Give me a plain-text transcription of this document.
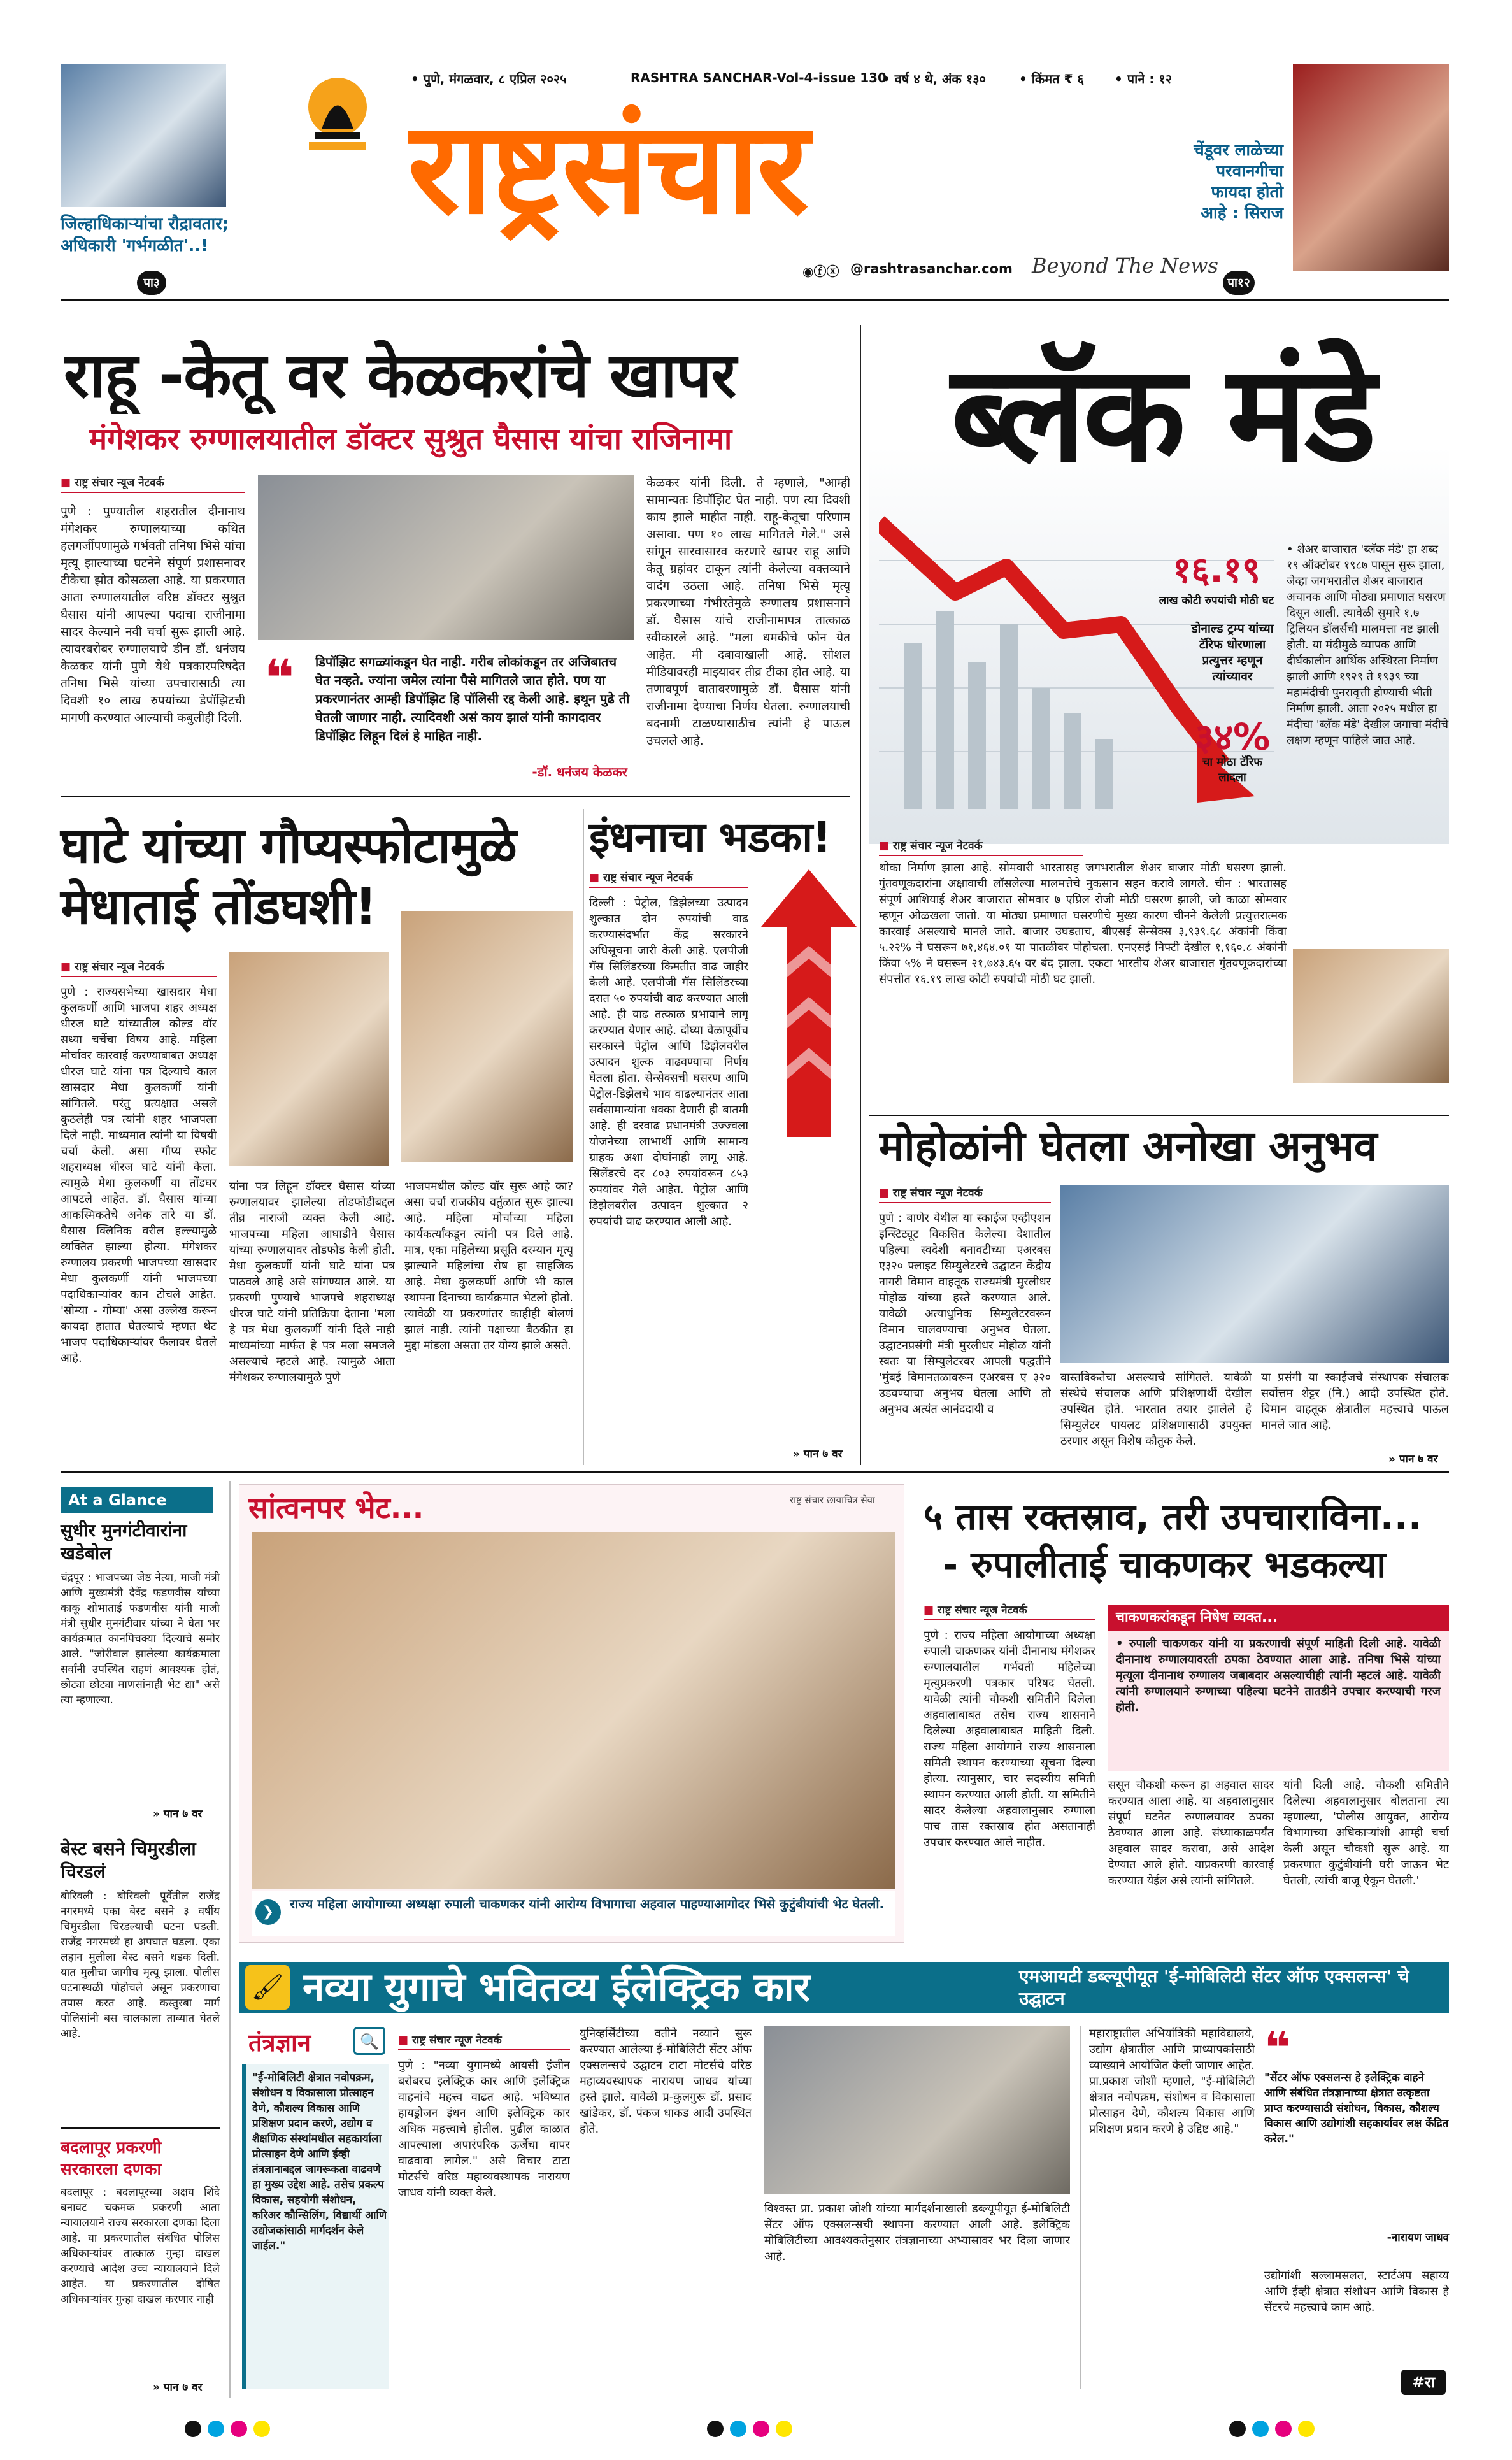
जिल्हाधिकाऱ्यांचा रौद्रावतार; अधिकारी 'गर्भगळीत'..!
पा३
• पुणे, मंगळवार, ८ एप्रिल २०२५	RASHTRA SANCHAR-Vol-4-issue 130
• वर्ष ४ थे, अंक १३०	• किंमत ₹ ६ • पाने : १२
राष्ट्रसंचार
◉ⓕⓧ @rashtrasanchar.com Beyond The News
चेंडूवर लाळेच्या परवानगीचा फायदा होतो आहे : सिराज
पा१२
राहू -केतू वर केळकरांचे खापर
मंगेशकर रुग्णालयातील डॉक्टर सुश्रुत घैसास यांचा राजिनामा
■ राष्ट्र संचार न्यूज नेटवर्क
पुणे : पुण्यातील शहरातील दीनानाथ मंगेशकर रुग्णालयाच्या कथित हलगर्जीपणामुळे गर्भवती तनिषा भिसे यांचा मृत्यू झाल्याच्या घटनेने संपूर्ण प्रशासनावर टीकेचा झोत कोसळला आहे. या प्रकरणात आता रुग्णालयातील वरिष्ठ डॉक्टर सुश्रुत घैसास यांनी आपल्या पदाचा राजीनामा सादर केल्याने नवी चर्चा सुरू झाली आहे. त्यावरबरोबर रुग्णालयाचे डीन डॉ. धनंजय केळकर यांनी पुणे येथे पत्रकारपरिषदेत तनिषा भिसे यांच्या उपचारासाठी त्या दिवशी १० लाख रुपयांच्या डेपॉझिटची मागणी करण्यात आल्याची कबुलीही दिली.
❝ डिपॉझिट सगळ्यांकडून घेत नाही. गरीब लोकांकडून तर अजिबातच घेत नव्हते. ज्यांना जमेल त्यांना पैसे मागितले जात होते. पण या प्रकरणानंतर आम्ही डिपॉझिट हि पॉलिसी रद्द केली आहे. इथून पुढे ती घेतली जाणार नाही. त्यादिवशी असं काय झालं यांनी कागदावर डिपॉझिट लिहून दिलं हे माहित नाही.
-डॉ. धनंजय केळकर
केळकर यांनी दिली. ते म्हणाले, "आम्ही सामान्यतः डिपॉझिट घेत नाही. पण त्या दिवशी काय झाले माहीत नाही. राहू-केतूचा परिणाम असावा. पण १० लाख मागितले गेले." असे सांगून सारवासारव करणारे खापर राहू आणि केतू ग्रहांवर टाकून त्यांनी केलेल्या वक्तव्याने वादंग उठला आहे. तनिषा भिसे मृत्यू प्रकरणाच्या गंभीरतेमुळे रुग्णालय प्रशासनाने डॉ. घैसास यांचे राजीनामापत्र तात्काळ स्वीकारले आहे. "मला धमकीचे फोन येत आहेत. मी दबावाखाली आहे. सोशल मीडियावरही माझ्यावर तीव्र टीका होत आहे. या तणावपूर्ण वातावरणामुळे डॉ. घैसास यांनी राजीनामा देण्याचा निर्णय घेतला. रुग्णालयाची बदनामी टाळण्यासाठीच त्यांनी हे पाऊल उचलले आहे.
ब्लॅक मंडे
१६.१९
लाख कोटी रुपयांची मोठी घट
डोनाल्ड ट्रम्प यांच्या टॅरिफ धोरणाला प्रत्युत्तर म्हणून त्यांच्यावर
३४%
चा मोठा टॅरिफ लादला
• शेअर बाजारात 'ब्लॅक मंडे' हा शब्द १९ ऑक्टोबर १९८७ पासून सुरू झाला, जेव्हा जगभरातील शेअर बाजारात अचानक आणि मोठ्या प्रमाणात घसरण दिसून आली. त्यावेळी सुमारे १.७ ट्रिलियन डॉलर्सची मालमत्ता नष्ट झाली होती. या मंदीमुळे व्यापक आणि दीर्घकालीन आर्थिक अस्थिरता निर्माण झाली आणि १९२९ ते १९३९ च्या महामंदीची पुनरावृत्ती होण्याची भीती निर्माण झाली. आता २०२५ मधील हा मंदीचा 'ब्लॅक मंडे' देखील जगाचा मंदीचे लक्षण म्हणून पाहिले जात आहे.
■ राष्ट्र संचार न्यूज नेटवर्क
थोका निर्माण झाला आहे. सोमवारी भारतासह जगभरातील शेअर बाजार मोठी घसरण झाली. गुंतवणूकदारांना अक्षावाची लॉसलेल्या मालमत्तेचे नुकसान सहन करावे लागले. चीन : भारतासह संपूर्ण आशियाई शेअर बाजारात सोमवार ७ एप्रिल रोजी मोठी घसरण झाली, जो काळा सोमवार म्हणून ओळखला जातो. या मोठ्या प्रमाणात घसरणीचे मुख्य कारण चीनने केलेली प्रत्युत्तरात्मक कारवाई असल्याचे मानले जाते. बाजार उघडताच, बीएसई सेन्सेक्स ३,९३९.६८ अंकांनी किंवा ५.२२% ने घसरून ७१,४६४.०१ या पातळीवर पोहोचला. एनएसई निफ्टी देखील १,१६०.८ अंकांनी किंवा ५% ने घसरून २१,७४३.६५ वर बंद झाला. एकटा भारतीय शेअर बाजारात गुंतवणूकदारांच्या संपत्तीत १६.१९ लाख कोटी रुपयांची मोठी घट झाली.
घाटे यांच्या गौप्यस्फोटामुळे मेधाताई तोंडघशी!
■ राष्ट्र संचार न्यूज नेटवर्क
पुणे : राज्यसभेच्या खासदार मेधा कुलकर्णी आणि भाजपा शहर अध्यक्ष धीरज घाटे यांच्यातील कोल्ड वॉर सध्या चर्चेचा विषय आहे. महिला मोर्चावर कारवाई करण्याबाबत अध्यक्ष धीरज घाटे यांना पत्र दिल्याचे काल खासदार मेधा कुलकर्णी यांनी सांगितले. परंतु प्रत्यक्षात असले कुठलेही पत्र त्यांनी शहर भाजपला दिले नाही. माध्यमात त्यांनी या विषयी चर्चा केली. असा गौप्य स्फोट शहराध्यक्ष धीरज घाटे यांनी केला. त्यामुळे मेधा कुलकर्णी या तोंडघर आपटले आहेत. डॉ. घैसास यांच्या आकस्मिकतेचे अनेक तारे या डॉ. घैसास क्लिनिक वरील हल्ल्यामुळे व्यक्तित झाल्या होत्या. मंगेशकर रुग्णालय प्रकरणी भाजपच्या खासदार मेधा कुलकर्णी यांनी भाजपच्या पदाधिकाऱ्यांवर कान टोचले आहेत. 'सोम्या - गोम्या' असा उल्लेख करून कायदा हातात घेतल्याचे म्हणत थेट भाजप पदाधिकाऱ्यांवर फैलावर घेतले आहे.
यांना पत्र लिहून डॉक्टर घैसास यांच्या रुग्णालयावर झालेल्या तोडफोडीबद्दल तीव्र नाराजी व्यक्त केली आहे. भाजपच्या महिला आघाडीने घैसास यांच्या रुग्णालयावर तोडफोड केली होती. मेधा कुलकर्णी यांनी घाटे यांना पत्र पाठवले आहे असे सांगण्यात आले. या प्रकरणी पुण्याचे भाजपचे शहराध्यक्ष धीरज घाटे यांनी प्रतिक्रिया देताना 'मला हे पत्र मेधा कुलकर्णी यांनी दिले नाही माध्यमांच्या मार्फत हे पत्र मला समजले असल्याचे म्हटले आहे. त्यामुळे आता मंगेशकर रुग्णालयामुळे पुणे
भाजपमधील कोल्ड वॉर सुरू आहे का? असा चर्चा राजकीय वर्तुळात सुरू झाल्या आहे. महिला मोर्चाच्या महिला कार्यकर्त्यांकडून त्यांनी पत्र दिले आहे. मात्र, एका महिलेच्या प्रसूति दरम्यान मृत्यू झाल्याने महिलांचा रोष हा साहजिक आहे. मेधा कुलकर्णी आणि भी काल स्थापना दिनाच्या कार्यक्रमात भेटलो होतो. त्यावेळी या प्रकरणांतर काहीही बोलणं झालं नाही. त्यांनी पक्षाच्या बैठकीत हा मुद्दा मांडला असता तर योग्य झाले असते.
इंधनाचा भडका!
■ राष्ट्र संचार न्यूज नेटवर्क
दिल्ली : पेट्रोल, डिझेलच्या उत्पादन शुल्कात दोन रुपयांची वाढ करण्यासंदर्भात केंद्र सरकारने अधिसूचना जारी केली आहे. एलपीजी गॅस सिलिंडरच्या किमतीत वाढ जाहीर केली आहे. एलपीजी गॅस सिलिंडरच्या दरात ५० रुपयांची वाढ करण्यात आली आहे. ही वाढ तत्काळ प्रभावाने लागू करण्यात येणार आहे. दोघ्या वेळापूर्वीच सरकारने पेट्रोल आणि डिझेलवरील उत्पादन शुल्क वाढवण्याचा निर्णय घेतला होता. सेन्सेक्सची घसरण आणि पेट्रोल-डिझेलचे भाव वाढल्यानंतर आता सर्वसामान्यांना धक्का देणारी ही बातमी आहे. ही दरवाढ प्रधानमंत्री उज्ज्वला योजनेच्या लाभार्थी आणि सामान्य ग्राहक अशा दोघांनाही लागू आहे. सिलेंडरचे दर ८०३ रुपयांवरून ८५३ रुपयांवर गेले आहेत. पेट्रोल आणि डिझेलवरील उत्पादन शुल्कात २ रुपयांची वाढ करण्यात आली आहे.
» पान ७ वर
मोहोळांनी घेतला अनोखा अनुभव
■ राष्ट्र संचार न्यूज नेटवर्क
पुणे : बाणेर येथील या स्काईज एव्हीएशन इन्स्टिट्यूट विकसित केलेल्या देशातील पहिल्या स्वदेशी बनावटीच्या एअरबस ए३२० फ्लाइट सिम्युलेटरचे उद्घाटन केंद्रीय नागरी विमान वाहतूक राज्यमंत्री मुरलीधर मोहोळ यांच्या हस्ते करण्यात आले. यावेळी अत्याधुनिक सिम्युलेटरवरून विमान चालवण्याचा अनुभव घेतला. उद्घाटनप्रसंगी मंत्री मुरलीधर मोहोळ यांनी स्वतः या सिम्युलेटरवर आपली पद्धतीने 'मुंबई विमानतळावरून एअरबस ए ३२० उडवण्याचा अनुभव घेतला आणि तो अनुभव अत्यंत आनंददायी व
वास्तविकतेचा असल्याचे सांगितले. यावेळी संस्थेचे संचालक आणि प्रशिक्षणार्थी देखील उपस्थित होते. भारतात तयार झालेले हे सिम्युलेटर पायलट प्रशिक्षणासाठी उपयुक्त ठरणार असून विशेष कौतुक केले.
या प्रसंगी या स्काईजचे संस्थापक संचालक सर्वोत्तम शेट्टर (नि.) आदी उपस्थित होते. विमान वाहतूक क्षेत्रातील महत्त्वाचे पाऊल मानले जात आहे.
» पान ७ वर
At a Glance
सुधीर मुनगंटीवारांना खडेबोल
चंद्रपूर : भाजपच्या जेष्ठ नेत्या, माजी मंत्री आणि मुख्यमंत्री देवेंद्र फडणवीस यांच्या काकू शोभाताई फडणवीस यांनी माजी मंत्री सुधीर मुनगंटीवार यांच्या ने घेता भर कार्यक्रमात कानपिचक्या दिल्याचे समोर आले. "जोरीवाल झालेल्या कार्यक्रमाला सर्वांनी उपस्थित राहणं आवश्यक होतं, छोट्या छोट्या माणसांनाही भेट द्या" असे त्या म्हणाल्या.
» पान ७ वर
बेस्ट बसने चिमुरडीला चिरडलं
बोरिवली : बोरिवली पूर्वेतील राजेंद्र नगरमध्ये एका बेस्ट बसने ३ वर्षीय चिमुरडीला चिरडल्याची घटना घडली. राजेंद्र नगरमध्ये हा अपघात घडला. एका लहान मुलीला बेस्ट बसने धडक दिली. यात मुलीचा जागीच मृत्यू झाला. पोलीस घटनास्थळी पोहोचले असून प्रकरणाचा तपास करत आहे. कस्तुरबा मार्ग पोलिसांनी बस चालकाला ताब्यात घेतले आहे.
बदलापूर प्रकरणी सरकारला दणका
बदलापूर : बदलापूरच्या अक्षय शिंदे बनावट चकमक प्रकरणी आता न्यायालयाने राज्य सरकारला दणका दिला आहे. या प्रकरणातील संबंधित पोलिस अधिकाऱ्यांवर तात्काळ गुन्हा दाखल करण्याचे आदेश उच्च न्यायालयाने दिले आहेत. या प्रकरणातील दोषित अधिकाऱ्यांवर गुन्हा दाखल करणार नाही
» पान ७ वर
सांत्वनपर भेट...	राष्ट्र संचार छायाचित्र सेवा
❯	राज्य महिला आयोगाच्या अध्यक्षा रुपाली चाकणकर यांनी आरोग्य विभागाचा अहवाल पाहण्याआगोदर भिसे कुटुंबीयांची भेट घेतली.
५ तास रक्तस्राव, तरी उपचाराविना...
- रुपालीताई चाकणकर भडकल्या
■ राष्ट्र संचार न्यूज नेटवर्क
पुणे : राज्य महिला आयोगाच्या अध्यक्षा रुपाली चाकणकर यांनी दीनानाथ मंगेशकर रुग्णालयातील गर्भवती महिलेच्या मृत्युप्रकरणी पत्रकार परिषद घेतली. यावेळी त्यांनी चौकशी समितीने दिलेला अहवालाबाबत तसेच राज्य शासनाने दिलेल्या अहवालाबाबत माहिती दिली. राज्य महिला आयोगाने राज्य शासनाला समिती स्थापन करण्याच्या सूचना दिल्या होत्या. त्यानुसार, चार सदस्यीय समिती स्थापन करण्यात आली होती. या समितीने सादर केलेल्या अहवालानुसार रुग्णाला पाच तास रक्तस्राव होत असतानाही उपचार करण्यात आले नाहीत.
चाकणकरांकडून निषेध व्यक्त...
• रुपाली चाकणकर यांनी या प्रकरणाची संपूर्ण माहिती दिली आहे. यावेळी दीनानाथ रुग्णालयावरती ठपका ठेवण्यात आला आहे. तनिषा भिसे यांच्या मृत्यूला दीनानाथ रुग्णालय जबाबदार असल्याचीही त्यांनी म्हटलं आहे. यावेळी त्यांनी रुग्णालयाने रुग्णाच्या पहिल्या घटनेने तातडीने उपचार करण्याची गरज होती.
ससून चौकशी करून हा अहवाल सादर करण्यात आला आहे. या अहवालानुसार संपूर्ण घटनेत रुग्णालयावर ठपका ठेवण्यात आला आहे. संध्याकाळपर्यंत अहवाल सादर करावा, असे आदेश देण्यात आले होते. याप्रकरणी कारवाई करण्यात येईल असे त्यांनी सांगितले.
यांनी दिली आहे. चौकशी समितीने दिलेल्या अहवालानुसार बोलताना त्या म्हणाल्या, 'पोलीस आयुक्त, आरोग्य विभागाच्या अधिकाऱ्यांशी आम्ही चर्चा केली असून चौकशी सुरू आहे. या प्रकरणात कुटुंबीयांनी घरी जाऊन भेट घेतली, त्यांची बाजू ऐकून घेतली.'
🖌 नव्या युगाचे भवितव्य ईलेक्ट्रिक कार	एमआयटी डब्ल्यूपीयूत 'ई-मोबिलिटी सेंटर ऑफ एक्सलन्स' चे उद्घाटन
तंत्रज्ञान	🔍
"ई-मोबिलिटी क्षेत्रात नवोपक्रम, संशोधन व विकासाला प्रोत्साहन देणे, कौशल्य विकास आणि प्रशिक्षण प्रदान करणे, उद्योग व शैक्षणिक संस्थांमधील सहकार्याला प्रोत्साहन देणे आणि ईव्ही तंत्रज्ञानाबद्दल जागरूकता वाढवणे हा मुख्य उद्देश आहे. तसेच प्रकल्प विकास, सहयोगी संशोधन, करिअर कौन्सिलिंग, विद्यार्थी आणि उद्योजकांसाठी मार्गदर्शन केले जाईल."
■ राष्ट्र संचार न्यूज नेटवर्क
पुणे : "नव्या युगामध्ये आयसी इंजीन बरोबरच इलेक्ट्रिक कार आणि इलेक्ट्रिक वाहनांचे महत्त्व वाढत आहे. भविष्यात हायड्रोजन इंधन आणि इलेक्ट्रिक कार अधिक महत्त्वाचे होतील. पुढील काळात आपल्याला अपारंपरिक ऊर्जेचा वापर वाढवावा लागेल." असे विचार टाटा मोटर्सचे वरिष्ठ महाव्यवस्थापक नारायण जाधव यांनी व्यक्त केले.
युनिव्हर्सिटीच्या वतीने नव्याने सुरू करण्यात आलेल्या ई-मोबिलिटी सेंटर ऑफ एक्सलन्सचे उद्घाटन टाटा मोटर्सचे वरिष्ठ महाव्यवस्थापक नारायण जाधव यांच्या हस्ते झाले. यावेळी प्र-कुलगुरू डॉ. प्रसाद खांडेकर, डॉ. पंकज धाकड आदी उपस्थित होते.
विश्वस्त प्रा. प्रकाश जोशी यांच्या मार्गदर्शनाखाली डब्ल्यूपीयूत ई-मोबिलिटी सेंटर ऑफ एक्सलन्सची स्थापना करण्यात आली आहे. इलेक्ट्रिक मोबिलिटीच्या आवश्यकतेनुसार तंत्रज्ञानाच्या अभ्यासावर भर दिला जाणार आहे.
महाराष्ट्रातील अभियांत्रिकी महाविद्यालये, उद्योग क्षेत्रातील आणि प्राध्यापकांसाठी व्याख्याने आयोजित केली जाणार आहेत. प्रा.प्रकाश जोशी म्हणाले, "ई-मोबिलिटी क्षेत्रात नवोपक्रम, संशोधन व विकासाला प्रोत्साहन देणे, कौशल्य विकास आणि प्रशिक्षण प्रदान करणे हे उद्दिष्ट आहे."
❝
"सेंटर ऑफ एक्सलन्स हे इलेक्ट्रिक वाहने आणि संबंधित तंत्रज्ञानाच्या क्षेत्रात उत्कृष्टता प्राप्त करण्यासाठी संशोधन, विकास, कौशल्य विकास आणि उद्योगांशी सहकार्यावर लक्ष केंद्रित करेल."
-नारायण जाधव
उद्योगांशी सल्लामसलत, स्टार्टअप सहाय्य आणि ईव्ही क्षेत्रात संशोधन आणि विकास हे सेंटरचे महत्त्वाचे काम आहे.
#रा
